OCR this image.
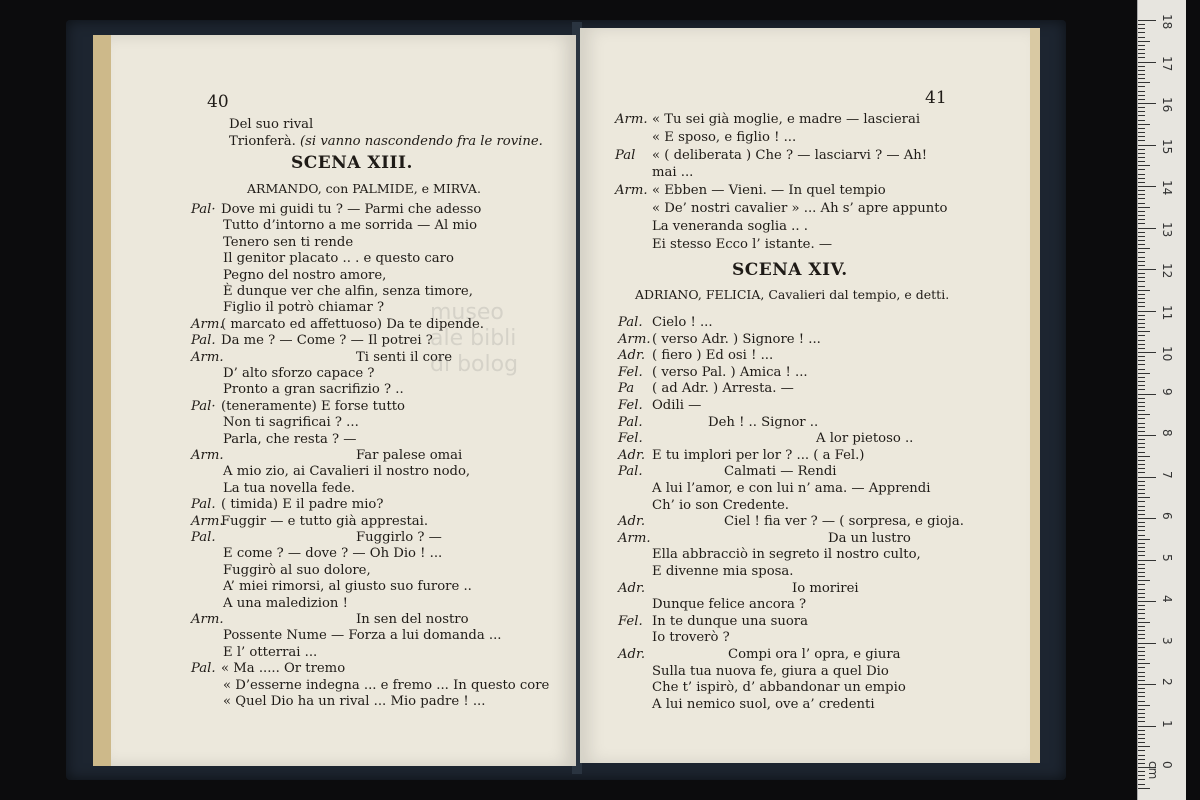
40
Del suo rival
Trionferà. (si vanno nascondendo fra le rovine.
Pal· Dove mi guidi tu ? — Parmi che adesso
Tutto d’intorno a me sorrida — Al mio
Tenero sen ti rende
Il genitor placato .. . e questo caro
Pegno del nostro amore,
È dunque ver che alfin, senza timore,
Figlio il potrò chiamar ?
Arm.
( marcato ed affettuoso) Da te dipende.
Pal. Da me ? — Come ? — Il potrei ?
Arm.	Ti senti il core
D’ alto sforzo capace ?
Pronto a gran sacrifizio ? ..
Pal· (teneramente) E forse tutto
Non ti sagrificai ? ...
Parla, che resta ? —
Arm.	Far palese omai
A mio zio, ai Cavalieri il nostro nodo,
La tua novella fede.
Pal. ( timida) E il padre mio?
Arm.
Fuggir — e tutto già apprestai.
Pal.	Fuggirlo ? —
E come ? — dove ? — Oh Dio ! ...
Fuggirò al suo dolore,
A’ miei rimorsi, al giusto suo furore ..
A una maledizion !
Arm.	In sen del nostro
Possente Nume — Forza a lui domanda ...
E l’ otterrai ...
Pal. « Ma ..... Or tremo
« D’esserne indegna ... e fremo ... In questo core
« Quel Dio ha un rival ... Mio padre ! ...
SCENA XIII.
ARMANDO, con PALMIDE, e MIRVA.
museo
ale bibli
di bolog
41
Arm. « Tu sei già moglie, e madre — lascierai
« E sposo, e figlio ! ...
Pal « ( deliberata ) Che ? — lasciarvi ? — Ah!
mai ...
Arm. « Ebben — Vieni. — In quel tempio
« De’ nostri cavalier » ... Ah s’ apre appunto
La veneranda soglia .. .
Ei stesso Ecco l’ istante. —
SCENA XIV.
ADRIANO, FELICIA, Cavalieri dal tempio, e detti.
Pal. Cielo ! ...
Arm. ( verso Adr. ) Signore ! ...
Adr. ( fiero ) Ed osi ! ...
Fel. ( verso Pal. ) Amica ! ...
Pa ( ad Adr. ) Arresta. —
Fel. Odili —
Pal.	Deh ! .. Signor ..
Fel.	A lor pietoso ..
Adr. E tu implori per lor ? ... ( a Fel.)
Pal.	Calmati — Rendi
A lui l’amor, e con lui n’ ama. — Apprendi
Ch’ io son Credente.
Adr.	Ciel ! fia ver ? — ( sorpresa, e gioja.
Arm.	Da un lustro
Ella abbracciò in segreto il nostro culto,
E divenne mia sposa.
Adr.	Io morirei
Dunque felice ancora ?
Fel. In te dunque una suora
Io troverò ?
Adr.	Compi ora l’ opra, e giura
Sulla tua nuova fe, giura a quel Dio
Che t’ ispirò, d’ abbandonar un empio
A lui nemico suol, ove a’ credenti
18
17
16
15
14
13
12
11
10
9
8
7
6
5
4
3
2
1
0 cm
